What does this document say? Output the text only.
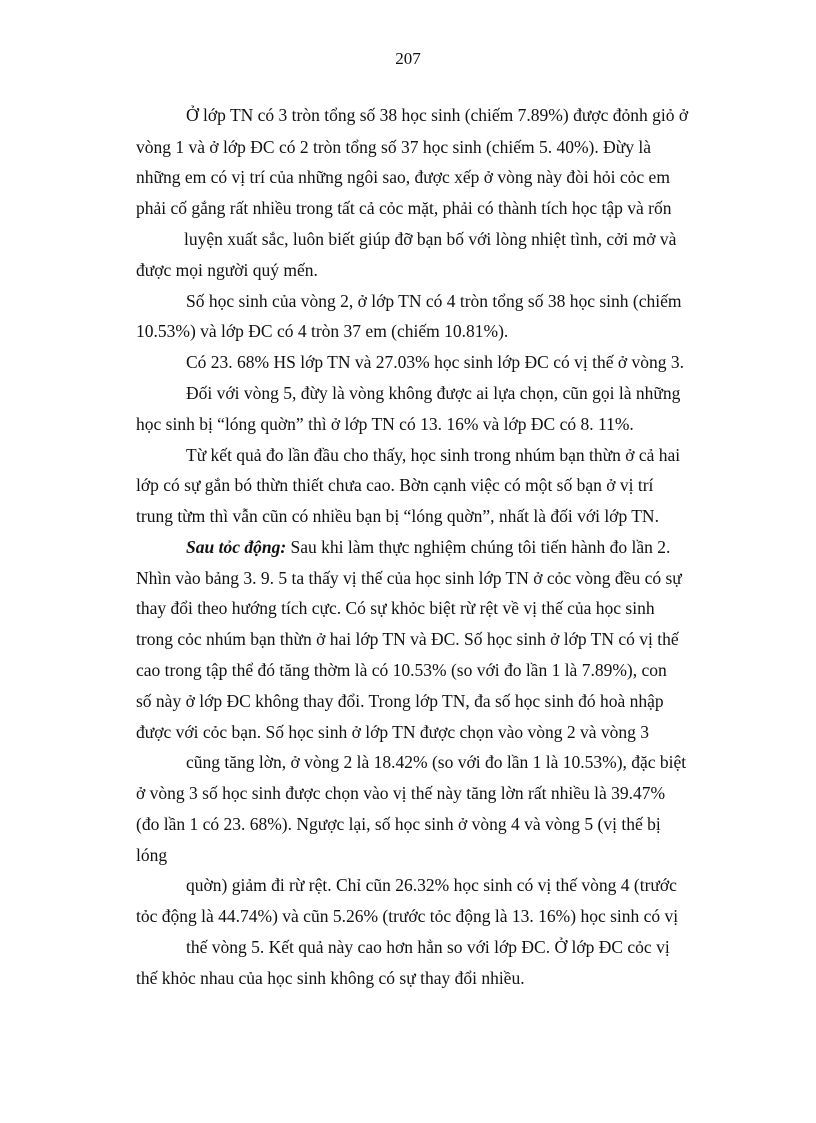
207
Ở lớp TN có 3 tròn tổng số 38 học sinh (chiếm 7.89%) được đỏnh giỏ ở
vòng 1 và ở lớp ĐC có 2 tròn tổng số 37 học sinh (chiếm 5. 40%). Đừy là
những em có vị trí của những ngôi sao, được xếp ở vòng này đòi hỏi cỏc em
phải cố gắng rất nhiều trong tất cả cỏc mặt, phải có thành tích học tập và rốn
luyện xuất sắc, luôn biết giúp đỡ bạn bố với lòng nhiệt tình, cởi mở và
được mọi người quý mến.
Số học sinh của vòng 2, ở lớp TN có 4 tròn tổng số 38 học sinh (chiếm
10.53%) và lớp ĐC có 4 tròn 37 em (chiếm 10.81%).
Có 23. 68% HS lớp TN và 27.03% học sinh lớp ĐC có vị thế ở vòng 3.
Đối với vòng 5, đừy là vòng không được ai lựa chọn, cũn gọi là những
học sinh bị “lóng quờn” thì ở lớp TN có 13. 16% và lớp ĐC có 8. 11%.
Từ kết quả đo lần đầu cho thấy, học sinh trong nhúm bạn thừn ở cả hai
lớp có sự gắn bó thừn thiết chưa cao. Bờn cạnh việc có một số bạn ở vị trí
trung từm thì vẫn cũn có nhiều bạn bị “lóng quờn”, nhất là đối với lớp TN.
Sau tỏc động: Sau khi làm thực nghiệm chúng tôi tiến hành đo lần 2.
Nhìn vào bảng 3. 9. 5 ta thấy vị thế của học sinh lớp TN ở cỏc vòng đều có sự
thay đổi theo hướng tích cực. Có sự khỏc biệt rừ rệt về vị thế của học sinh
trong cỏc nhúm bạn thừn ở hai lớp TN và ĐC. Số học sinh ở lớp TN có vị thế
cao trong tập thể đó tăng thờm là có 10.53% (so với đo lần 1 là 7.89%), con
số này ở lớp ĐC không thay đổi. Trong lớp TN, đa số học sinh đó hoà nhập
được với cỏc bạn. Số học sinh ở lớp TN được chọn vào vòng 2 và vòng 3
cũng tăng lờn, ở vòng 2 là 18.42% (so với đo lần 1 là 10.53%), đặc biệt
ở vòng 3 số học sinh được chọn vào vị thế này tăng lờn rất nhiều là 39.47%
(đo lần 1 có 23. 68%). Ngược lại, số học sinh ở vòng 4 và vòng 5 (vị thế bị
lóng
quờn) giảm đi rừ rệt. Chỉ cũn 26.32% học sinh có vị thế vòng 4 (trước
tỏc động là 44.74%) và cũn 5.26% (trước tỏc động là 13. 16%) học sinh có vị
thế vòng 5. Kết quả này cao hơn hẳn so với lớp ĐC. Ở lớp ĐC cỏc vị
thế khỏc nhau của học sinh không có sự thay đổi nhiều.
